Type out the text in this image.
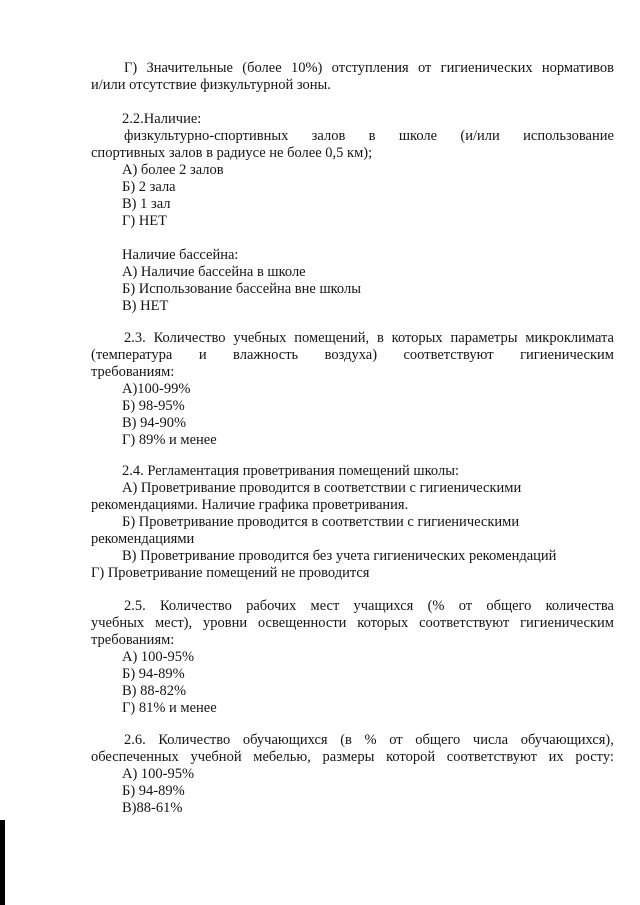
Г) Значительные (более 10%) отступления от гигиенических нормативов
и/или отсутствие физкультурной зоны.
2.2.Наличие:
физкультурно-спортивных залов в школе (и/или использование
спортивных залов в радиусе не более 0,5 км);
А) более 2 залов
Б) 2 зала
В) 1 зал
Г) НЕТ
Наличие бассейна:
А) Наличие бассейна в школе
Б) Использование бассейна вне школы
В) НЕТ
2.3. Количество учебных помещений, в которых параметры микроклимата
(температура и влажность воздуха) соответствуют гигиеническим
требованиям:
А)100-99%
Б) 98-95%
В) 94-90%
Г) 89% и менее
2.4. Регламентация проветривания помещений школы:
А) Проветривание проводится в соответствии с гигиеническими
рекомендациями. Наличие графика проветривания.
Б) Проветривание проводится в соответствии с гигиеническими
рекомендациями
В) Проветривание проводится без учета гигиенических рекомендаций
Г) Проветривание помещений не проводится
2.5. Количество рабочих мест учащихся (% от общего количества
учебных мест), уровни освещенности которых соответствуют гигиеническим
требованиям:
А) 100-95%
Б) 94-89%
В) 88-82%
Г) 81% и менее
2.6. Количество обучающихся (в % от общего числа обучающихся),
обеспеченных учебной мебелью, размеры которой соответствуют их росту:
А) 100-95%
Б) 94-89%
В)88-61%
